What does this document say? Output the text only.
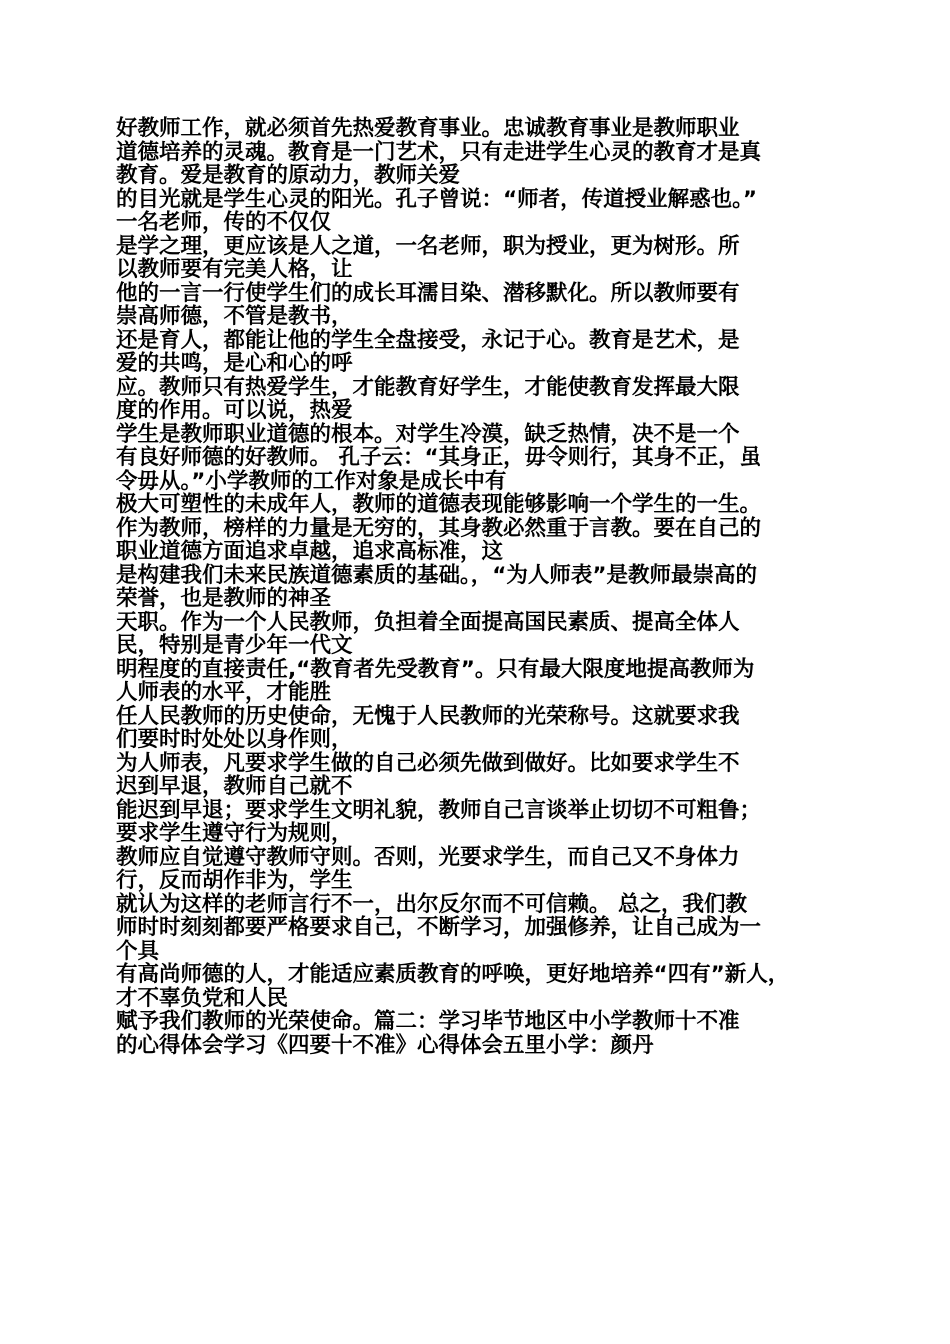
好教师工作，就必须首先热爱教育事业。忠诚教育事业是教师职业
道德培养的灵魂。教育是一门艺术，只有走进学生心灵的教育才是真
教育。爱是教育的原动力，教师关爱
的目光就是学生心灵的阳光。孔子曾说：“师者，传道授业解惑也。”
一名老师，传的不仅仅
是学之理，更应该是人之道，一名老师，职为授业，更为树形。所
以教师要有完美人格，让
他的一言一行使学生们的成长耳濡目染、潜移默化。所以教师要有
崇高师德，不管是教书，
还是育人，都能让他的学生全盘接受，永记于心。教育是艺术，是
爱的共鸣，是心和心的呼
应。教师只有热爱学生，才能教育好学生，才能使教育发挥最大限
度的作用。可以说，热爱
学生是教师职业道德的根本。对学生冷漠，缺乏热情，决不是一个
有良好师德的好教师。 孔子云：“其身正，毋令则行，其身不正，虽
令毋从。”小学教师的工作对象是成长中有
极大可塑性的未成年人，教师的道德表现能够影响一个学生的一生。
作为教师，榜样的力量是无穷的，其身教必然重于言教。要在自己的
职业道德方面追求卓越，追求高标准，这
是构建我们未来民族道德素质的基础。，“为人师表”是教师最崇高的
荣誉，也是教师的神圣
天职。作为一个人民教师，负担着全面提高国民素质、提高全体人
民，特别是青少年一代文
明程度的直接责任,“教育者先受教育”。只有最大限度地提高教师为
人师表的水平，才能胜
任人民教师的历史使命，无愧于人民教师的光荣称号。这就要求我
们要时时处处以身作则，
为人师表，凡要求学生做的自己必须先做到做好。比如要求学生不
迟到早退，教师自己就不
能迟到早退；要求学生文明礼貌，教师自己言谈举止切切不可粗鲁；
要求学生遵守行为规则，
教师应自觉遵守教师守则。否则，光要求学生，而自己又不身体力
行，反而胡作非为，学生
就认为这样的老师言行不一，出尔反尔而不可信赖。 总之，我们教
师时时刻刻都要严格要求自己，不断学习，加强修养，让自己成为一
个具
有高尚师德的人，才能适应素质教育的呼唤，更好地培养“四有”新人，
才不辜负党和人民
赋予我们教师的光荣使命。篇二：学习毕节地区中小学教师十不准
的心得体会学习《四要十不准》心得体会五里小学：颜丹
